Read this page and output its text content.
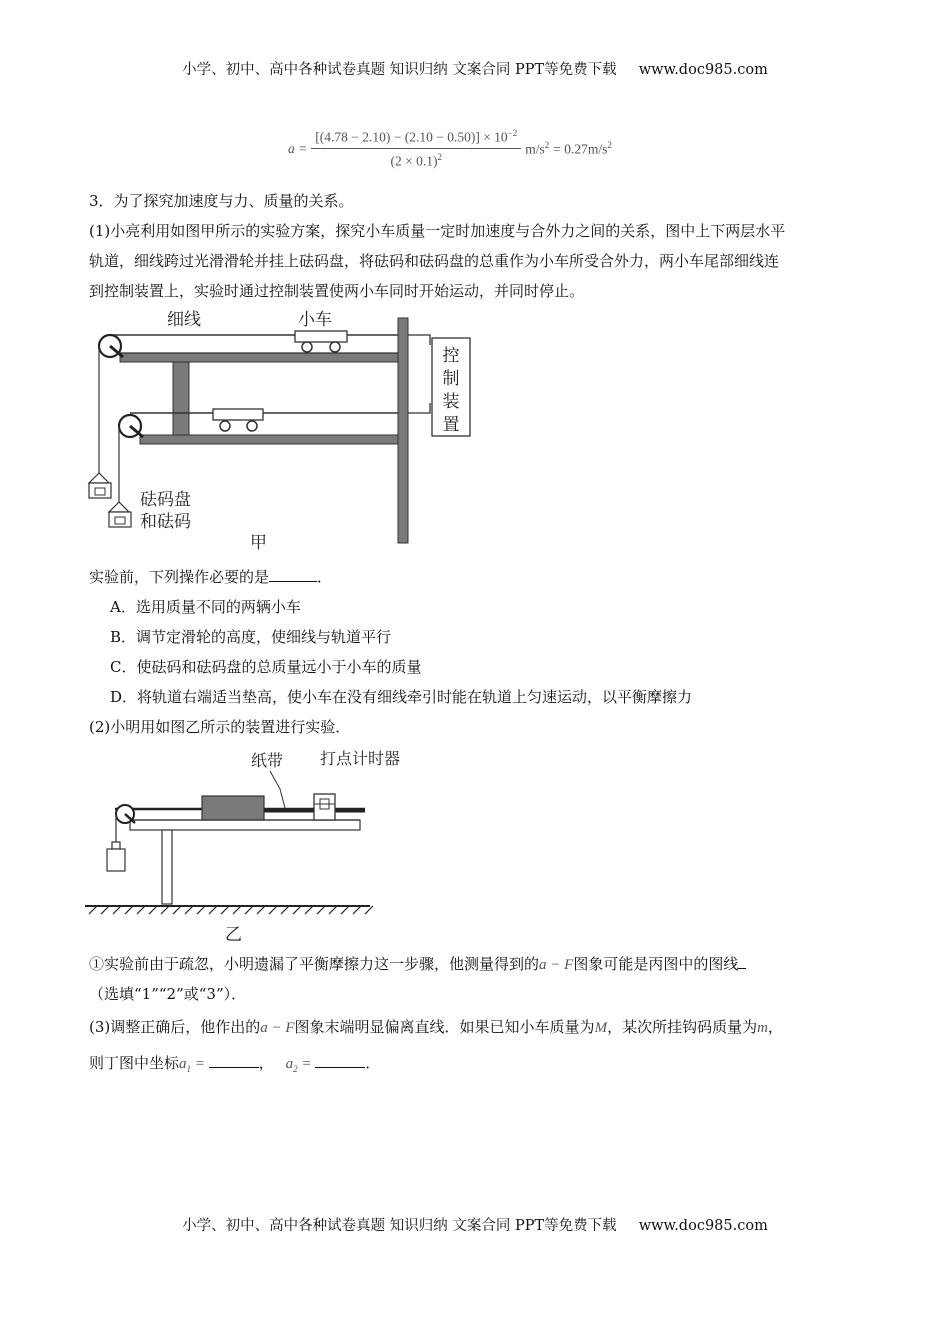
小学、初中、高中各种试卷真题 知识归纳 文案合同 PPT等免费下载 www.doc985.com
$a = \frac{[(4.78 - 2.10) - (2.10 - 0.50)] \times 10^{-2}}{(2 \times 0.1)^2} m/s^2 = 0.27m/s^2$
3．为了探究加速度与力、质量的关系。
(1)小亮利用如图甲所示的实验方案，探究小车质量一定时加速度与合外力之间的关系，图中上下两层水平
轨道，细线跨过光滑滑轮并挂上砝码盘，将砝码和砝码盘的总重作为小车所受合外力，两小车尾部细线连
到控制装置上，实验时通过控制装置使两小车同时开始运动，并同时停止。
控
制
装
置
细线	小车
砝码盘
和砝码
甲
实验前，下列操作必要的是	．
A．选用质量不同的两辆小车
B．调节定滑轮的高度，使细线与轨道平行
C．使砝码和砝码盘的总质量远小于小车的质量
D．将轨道右端适当垫高，使小车在没有细线牵引时能在轨道上匀速运动，以平衡摩擦力
(2)小明用如图乙所示的装置进行实验．
纸带 打点计时器
乙
①实验前由于疏忽，小明遗漏了平衡摩擦力这一步骤，他测量得到的a − F图象可能是丙图中的图线
（选填“1”“2”或“3”）．
(3)调整正确后，他作出的a − F图象末端明显偏离直线．如果已知小车质量为M，某次所挂钩码质量为m，
则丁图中坐标$a_1$ =	， $a_2$ =	．
小学、初中、高中各种试卷真题 知识归纳 文案合同 PPT等免费下载 www.doc985.com
